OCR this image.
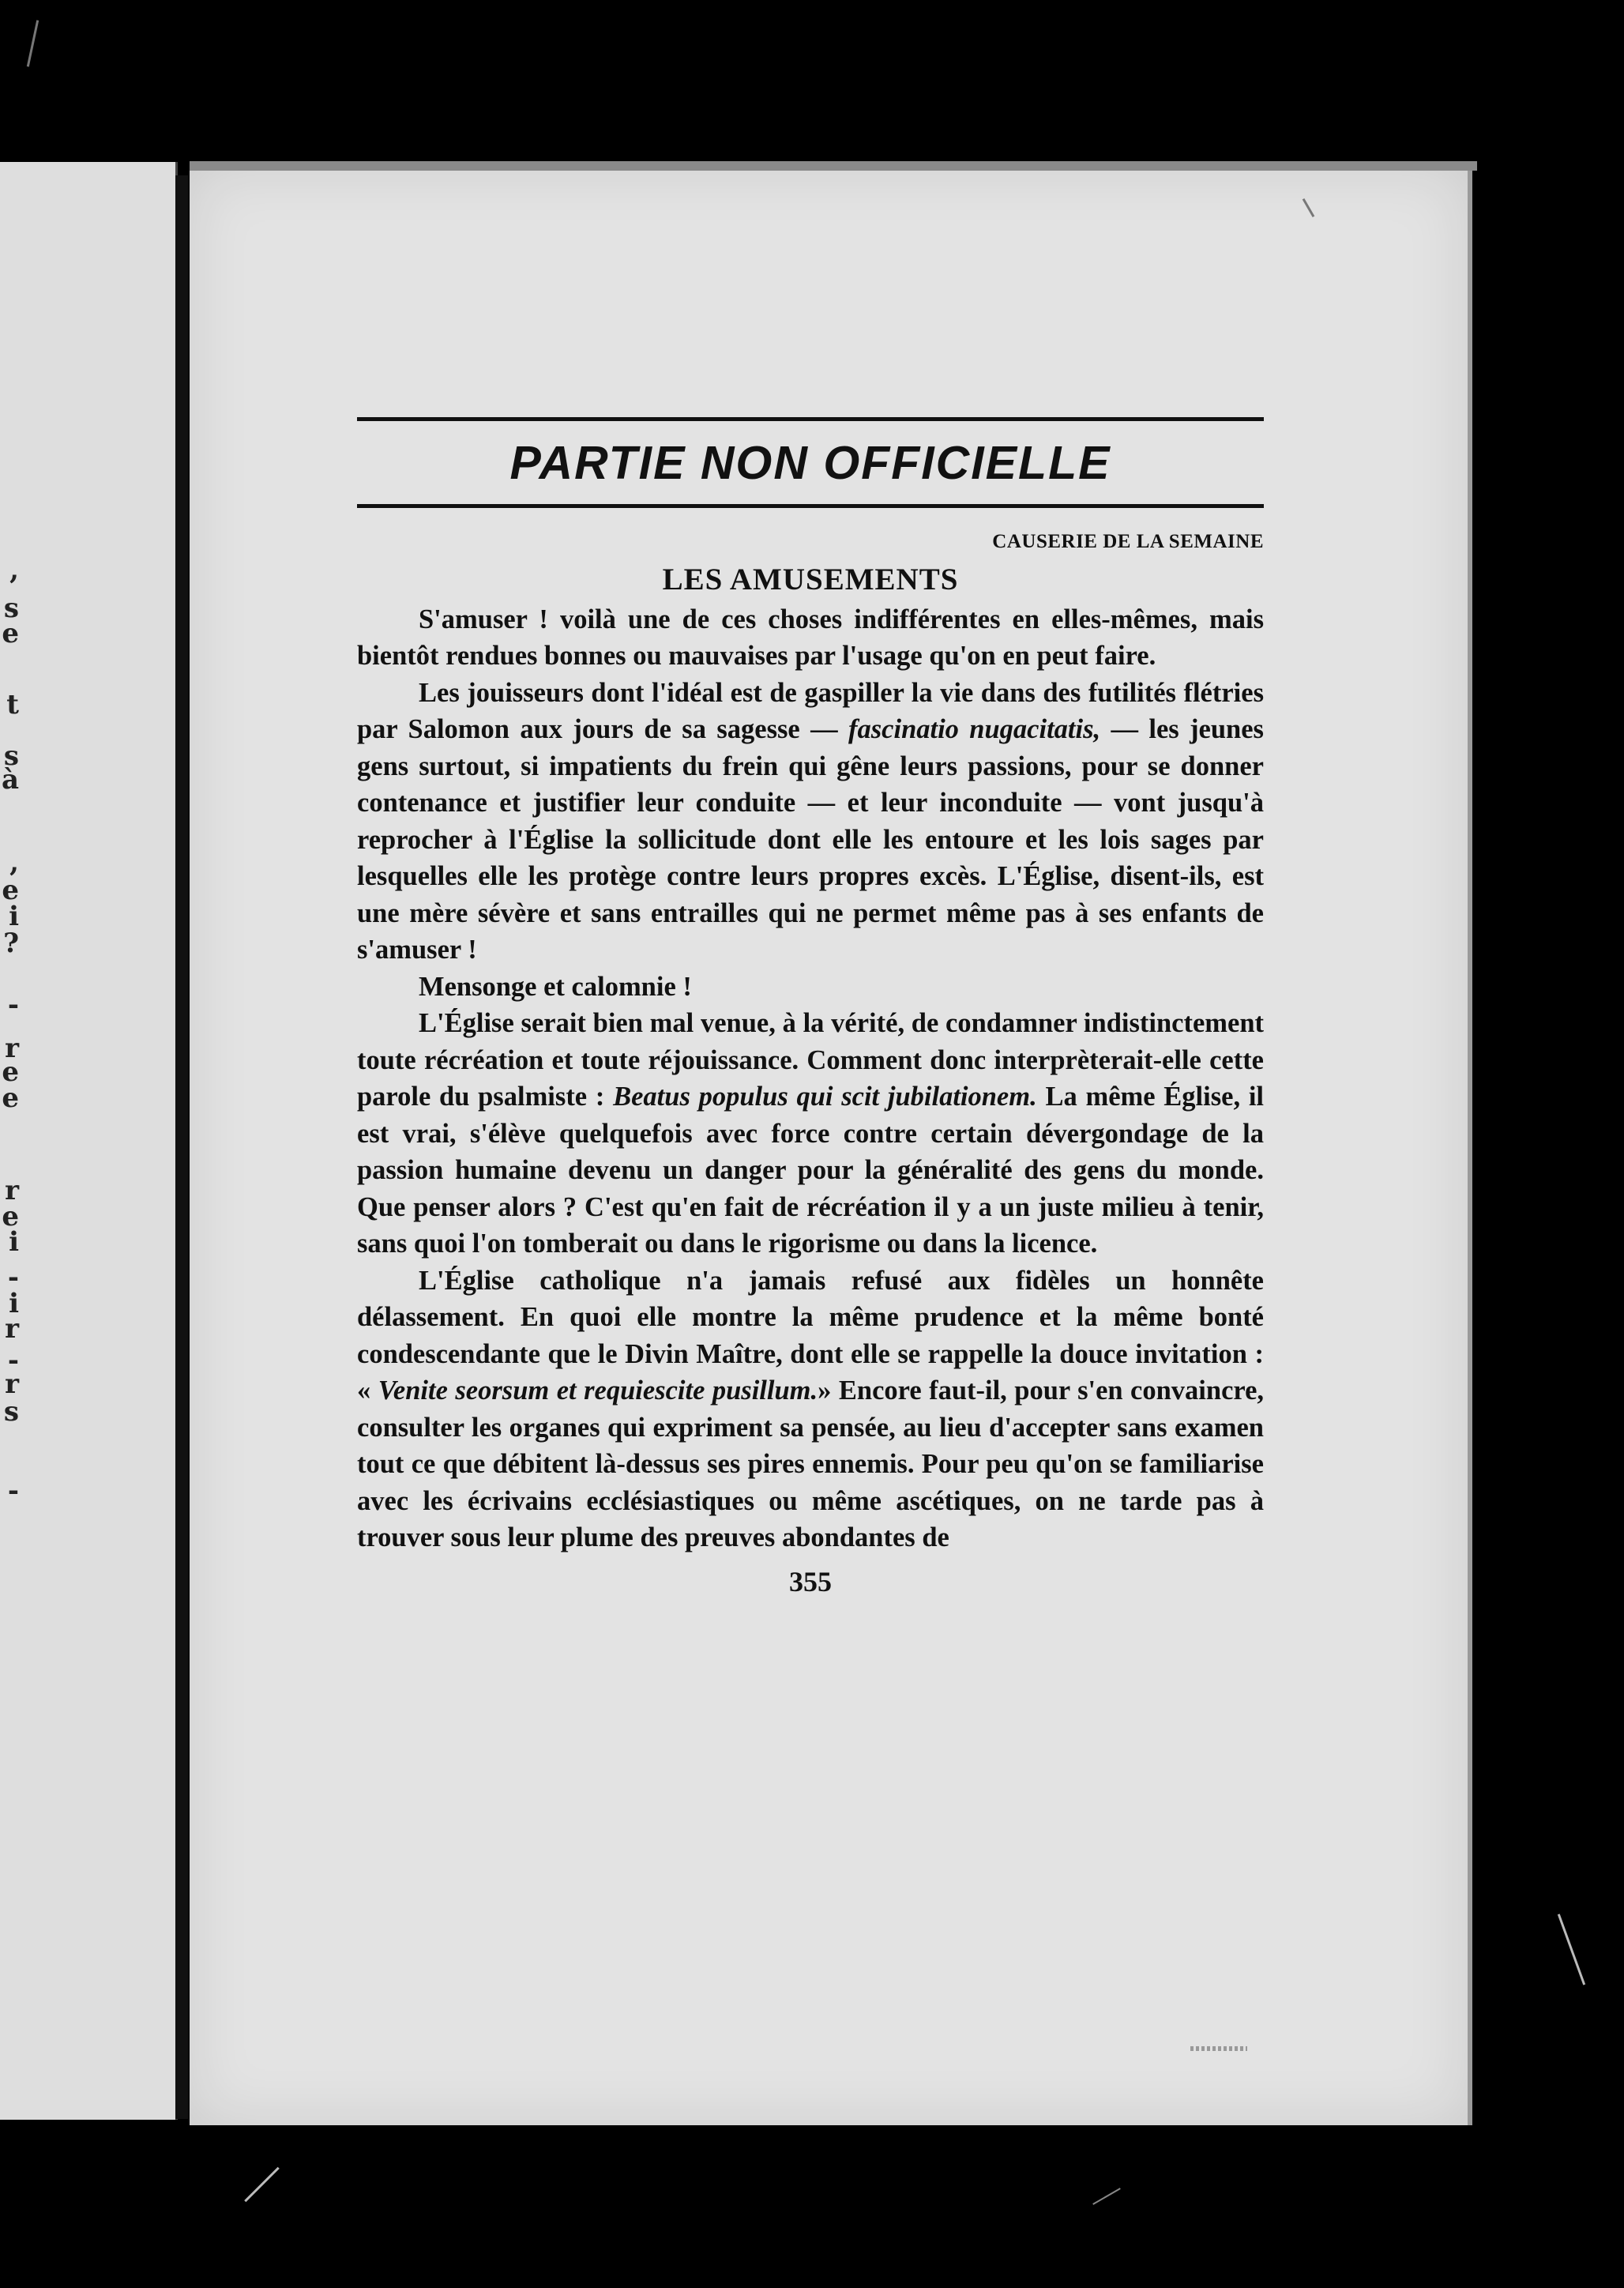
,
s
e
t
s
à
,
e
i
?
-
r
e
e
r
e
i
-
i
r
-
r
s
-
PARTIE NON OFFICIELLE
CAUSERIE DE LA SEMAINE
LES AMUSEMENTS

S'amuser ! voilà une de ces choses indifférentes en elles-mêmes, mais bientôt rendues bonnes ou mauvaises par l'usage qu'on en peut faire.

Les jouisseurs dont l'idéal est de gaspiller la vie dans des futilités flétries par Salomon aux jours de sa sagesse — fascinatio nugacitatis, — les jeunes gens surtout, si impatients du frein qui gêne leurs passions, pour se donner contenance et justifier leur conduite — et leur inconduite — vont jusqu'à reprocher à l'Église la sollicitude dont elle les entoure et les lois sages par lesquelles elle les protège contre leurs propres excès. L'Église, disent-ils, est une mère sévère et sans entrailles qui ne permet même pas à ses enfants de s'amuser !

Mensonge et calomnie !

L'Église serait bien mal venue, à la vérité, de condamner indistinctement toute récréation et toute réjouissance. Comment donc interprèterait-elle cette parole du psalmiste : Beatus populus qui scit jubilationem. La même Église, il est vrai, s'élève quelquefois avec force contre certain dévergondage de la passion humaine devenu un danger pour la généralité des gens du monde. Que penser alors ? C'est qu'en fait de récréation il y a un juste milieu à tenir, sans quoi l'on tomberait ou dans le rigorisme ou dans la licence.

L'Église catholique n'a jamais refusé aux fidèles un honnête délassement. En quoi elle montre la même prudence et la même bonté condescendante que le Divin Maître, dont elle se rappelle la douce invitation : « Venite seorsum et requiescite pusillum.» Encore faut-il, pour s'en convaincre, consulter les organes qui expriment sa pensée, au lieu d'accepter sans examen tout ce que débitent là-dessus ses pires ennemis. Pour peu qu'on se familiarise avec les écrivains ecclésiastiques ou même ascétiques, on ne tarde pas à trouver sous leur plume des preuves abondantes de

355
